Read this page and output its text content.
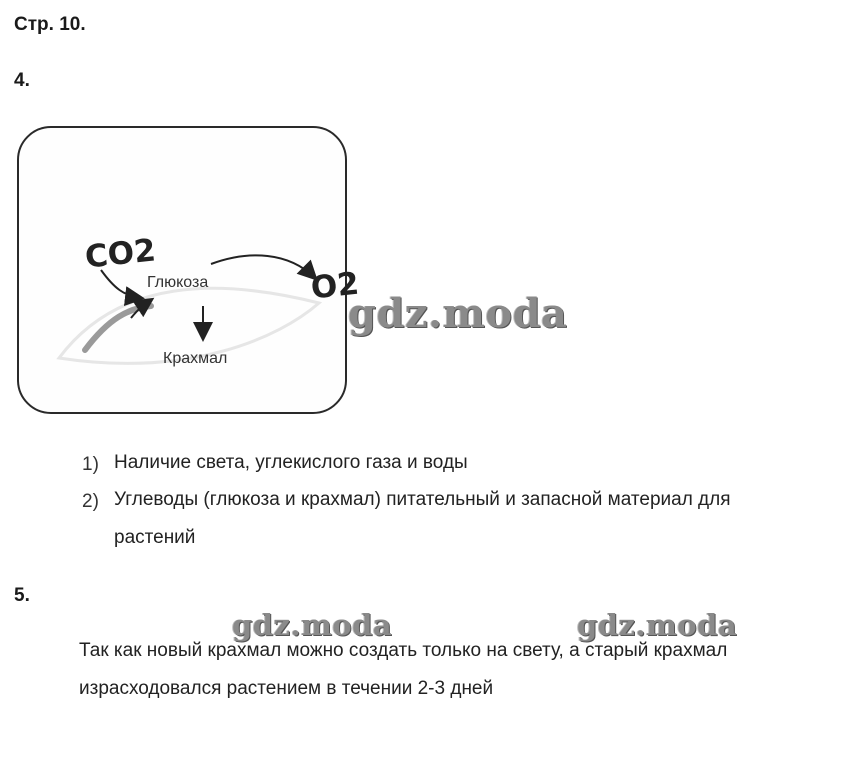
Стр. 10.
4.
CO2
O2
Глюкоза
Крахмал
gdz.moda
1) Наличие света, углекислого газа и воды
2) Углеводы (глюкоза и крахмал) питательный и запасной материал для
растений
5.
gdz.moda	gdz.moda
Так как новый крахмал можно создать только на свету, а старый крахмал
израсходовался растением в течении 2-3 дней
